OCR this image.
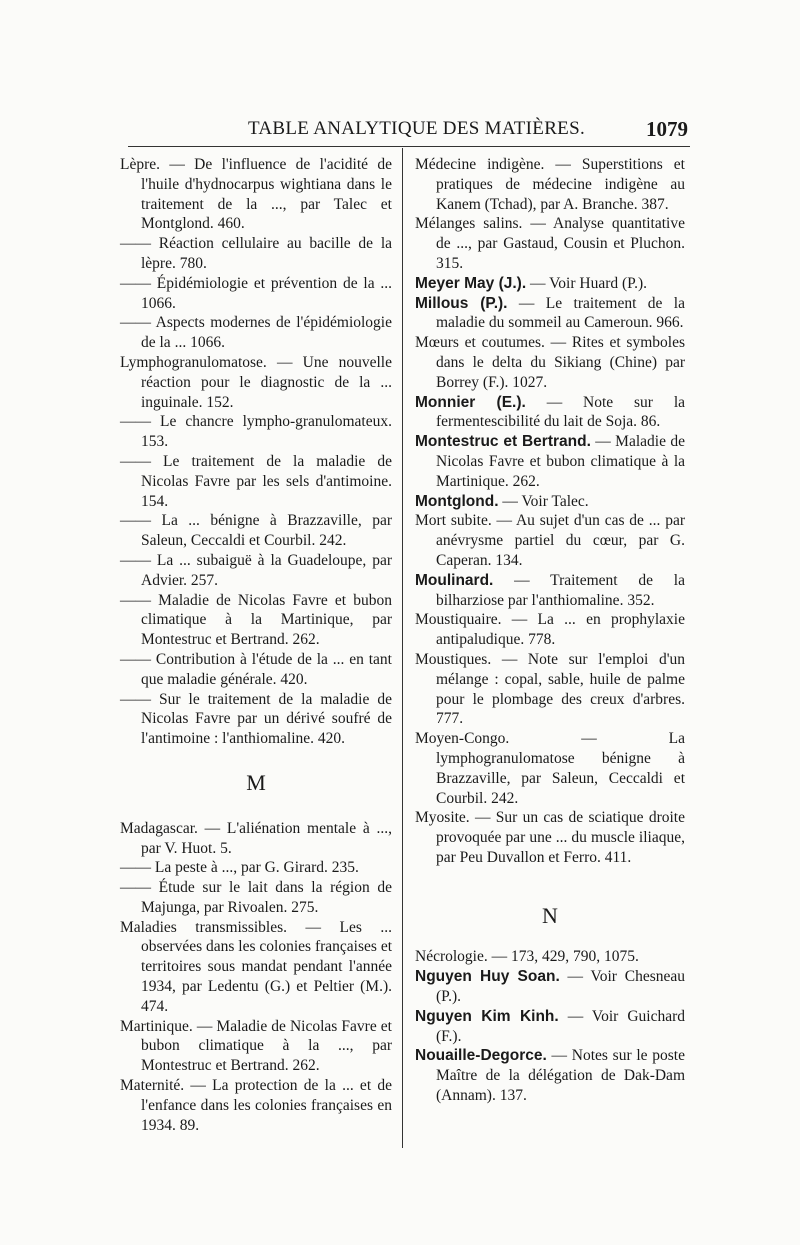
TABLE ANALYTIQUE DES MATIÈRES.	1079

Lèpre. — De l'influence de l'acidité de l'huile d'hydnocarpus wightiana dans le traitement de la ..., par Talec et Montglond. 460.

—— Réaction cellulaire au bacille de la lèpre. 780.

—— Épidémiologie et prévention de la ... 1066.

—— Aspects modernes de l'épidémiologie de la ... 1066.

Lymphogranulomatose. — Une nouvelle réaction pour le diagnostic de la ... inguinale. 152.

—— Le chancre lympho-granulomateux. 153.

—— Le traitement de la maladie de Nicolas Favre par les sels d'antimoine. 154.

—— La ... bénigne à Brazzaville, par Saleun, Ceccaldi et Courbil. 242.

—— La ... subaiguë à la Guadeloupe, par Advier. 257.

—— Maladie de Nicolas Favre et bubon climatique à la Martinique, par Montestruc et Bertrand. 262.

—— Contribution à l'étude de la ... en tant que maladie générale. 420.

—— Sur le traitement de la maladie de Nicolas Favre par un dérivé soufré de l'antimoine : l'anthiomaline. 420.

M

Madagascar. — L'aliénation mentale à ..., par V. Huot. 5.

—— La peste à ..., par G. Girard. 235.

—— Étude sur le lait dans la région de Majunga, par Rivoalen. 275.

Maladies transmissibles. — Les ... observées dans les colonies françaises et territoires sous mandat pendant l'année 1934, par Ledentu (G.) et Peltier (M.). 474.

Martinique. — Maladie de Nicolas Favre et bubon climatique à la ..., par Montestruc et Bertrand. 262.

Maternité. — La protection de la ... et de l'enfance dans les colonies françaises en 1934. 89.

Médecine indigène. — Superstitions et pratiques de médecine indigène au Kanem (Tchad), par A. Branche. 387.

Mélanges salins. — Analyse quantitative de ..., par Gastaud, Cousin et Pluchon. 315.

Meyer May (J.). — Voir Huard (P.).

Millous (P.). — Le traitement de la maladie du sommeil au Cameroun. 966.

Mœurs et coutumes. — Rites et symboles dans le delta du Sikiang (Chine) par Borrey (F.). 1027.

Monnier (E.). — Note sur la fermentescibilité du lait de Soja. 86.

Montestruc et Bertrand. — Maladie de Nicolas Favre et bubon climatique à la Martinique. 262.

Montglond. — Voir Talec.

Mort subite. — Au sujet d'un cas de ... par anévrysme partiel du cœur, par G. Caperan. 134.

Moulinard. — Traitement de la bilharziose par l'anthiomaline. 352.

Moustiquaire. — La ... en prophylaxie antipaludique. 778.

Moustiques. — Note sur l'emploi d'un mélange : copal, sable, huile de palme pour le plombage des creux d'arbres. 777.

Moyen-Congo. — La lymphogranulomatose bénigne à Brazzaville, par Saleun, Ceccaldi et Courbil. 242.

Myosite. — Sur un cas de sciatique droite provoquée par une ... du muscle iliaque, par Peu Duvallon et Ferro. 411.

N

Nécrologie. — 173, 429, 790, 1075.

Nguyen Huy Soan. — Voir Chesneau (P.).

Nguyen Kim Kinh. — Voir Guichard (F.).

Nouaille-Degorce. — Notes sur le poste Maître de la délégation de Dak-Dam (Annam). 137.
